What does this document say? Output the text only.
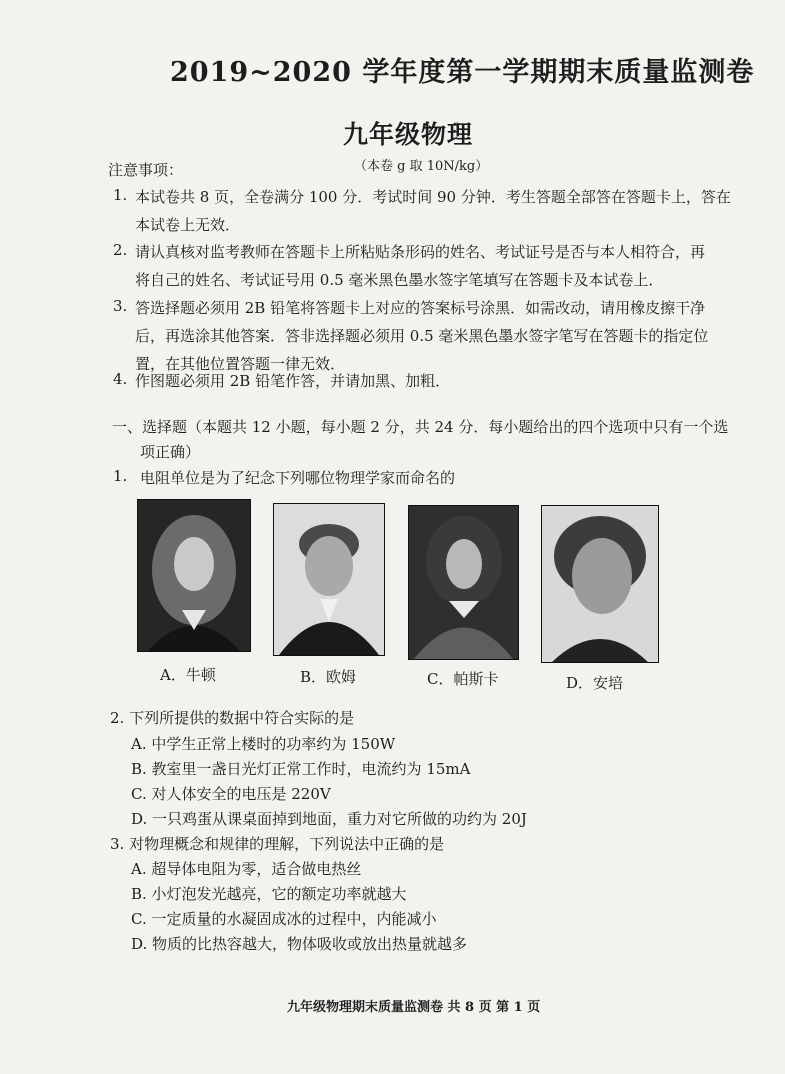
2019~2020 学年度第一学期期末质量监测卷
九年级物理
（本卷 g 取 10N/kg）
注意事项：
1. 本试卷共 8 页，全卷满分 100 分．考试时间 90 分钟．考生答题全部答在答题卡上，答在
本试卷上无效．
2. 请认真核对监考教师在答题卡上所粘贴条形码的姓名、考试证号是否与本人相符合，再
将自己的姓名、考试证号用 0.5 毫米黑色墨水签字笔填写在答题卡及本试卷上．
3. 答选择题必须用 2B 铅笔将答题卡上对应的答案标号涂黑．如需改动，请用橡皮擦干净
后，再选涂其他答案．答非选择题必须用 0.5 毫米黑色墨水签字笔写在答题卡的指定位
置，在其他位置答题一律无效．
4. 作图题必须用 2B 铅笔作答，并请加黑、加粗．
一、选择题（本题共 12 小题，每小题 2 分，共 24 分．每小题给出的四个选项中只有一个选
项正确）
1. 电阻单位是为了纪念下列哪位物理学家而命名的
A．牛顿	B．欧姆	C．帕斯卡	D．安培
2. 下列所提供的数据中符合实际的是
A. 中学生正常上楼时的功率约为 150W
B. 教室里一盏日光灯正常工作时，电流约为 15mA
C. 对人体安全的电压是 220V
D. 一只鸡蛋从课桌面掉到地面，重力对它所做的功约为 20J
3. 对物理概念和规律的理解，下列说法中正确的是
A. 超导体电阻为零，适合做电热丝
B. 小灯泡发光越亮，它的额定功率就越大
C. 一定质量的水凝固成冰的过程中，内能减小
D. 物质的比热容越大，物体吸收或放出热量就越多
九年级物理期末质量监测卷 共 8 页 第 1 页
